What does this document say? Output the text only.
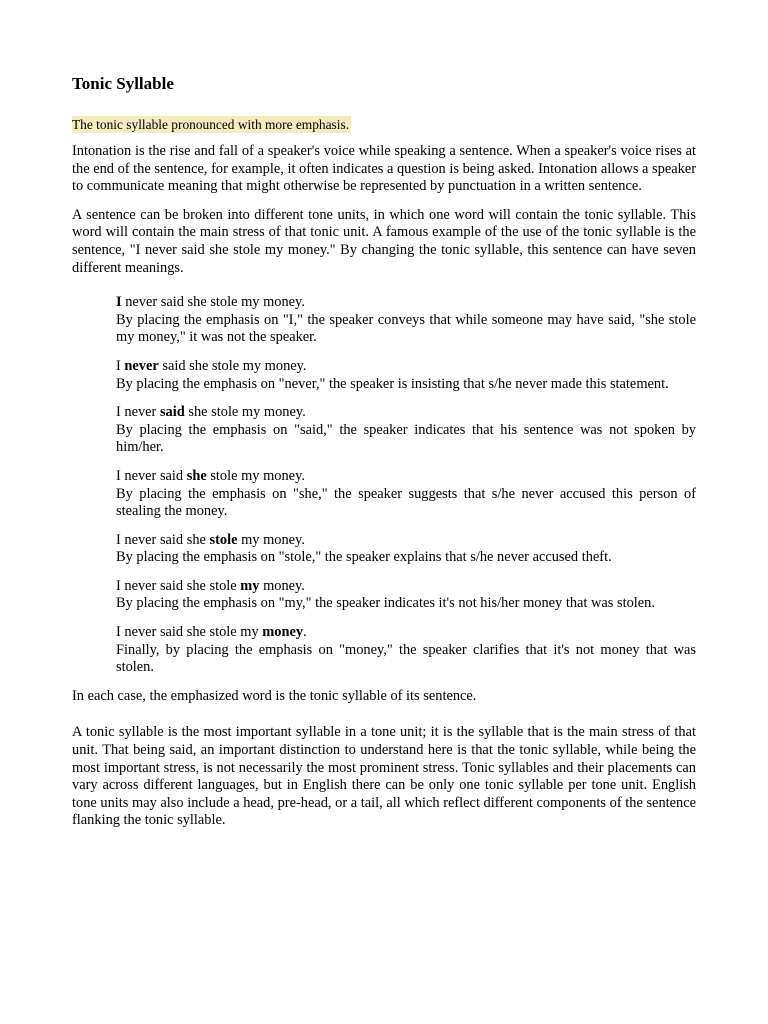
Tonic Syllable
The tonic syllable pronounced with more emphasis.

Intonation is the rise and fall of a speaker's voice while speaking a sentence. When a speaker's voice rises at the end of the sentence, for example, it often indicates a question is being asked. Intonation allows a speaker to communicate meaning that might otherwise be represented by punctuation in a written sentence.

A sentence can be broken into different tone units, in which one word will contain the tonic syllable. This word will contain the main stress of that tonic unit. A famous example of the use of the tonic syllable is the sentence, "I never said she stole my money." By changing the tonic syllable, this sentence can have seven different meanings.

I never said she stole my money.
By placing the emphasis on "I," the speaker conveys that while someone may have said, "she stole my money," it was not the speaker.
I never said she stole my money.
By placing the emphasis on "never," the speaker is insisting that s/he never made this statement.
I never said she stole my money.
By placing the emphasis on "said," the speaker indicates that his sentence was not spoken by him/her.
I never said she stole my money.
By placing the emphasis on "she," the speaker suggests that s/he never accused this person of stealing the money.
I never said she stole my money.
By placing the emphasis on "stole," the speaker explains that s/he never accused theft.
I never said she stole my money.
By placing the emphasis on "my," the speaker indicates it's not his/her money that was stolen.
I never said she stole my money.
Finally, by placing the emphasis on "money," the speaker clarifies that it's not money that was stolen.

In each case, the emphasized word is the tonic syllable of its sentence.

A tonic syllable is the most important syllable in a tone unit; it is the syllable that is the main stress of that unit. That being said, an important distinction to understand here is that the tonic syllable, while being the most important stress, is not necessarily the most prominent stress. Tonic syllables and their placements can vary across different languages, but in English there can be only one tonic syllable per tone unit. English tone units may also include a head, pre-head, or a tail, all which reflect different components of the sentence flanking the tonic syllable.
